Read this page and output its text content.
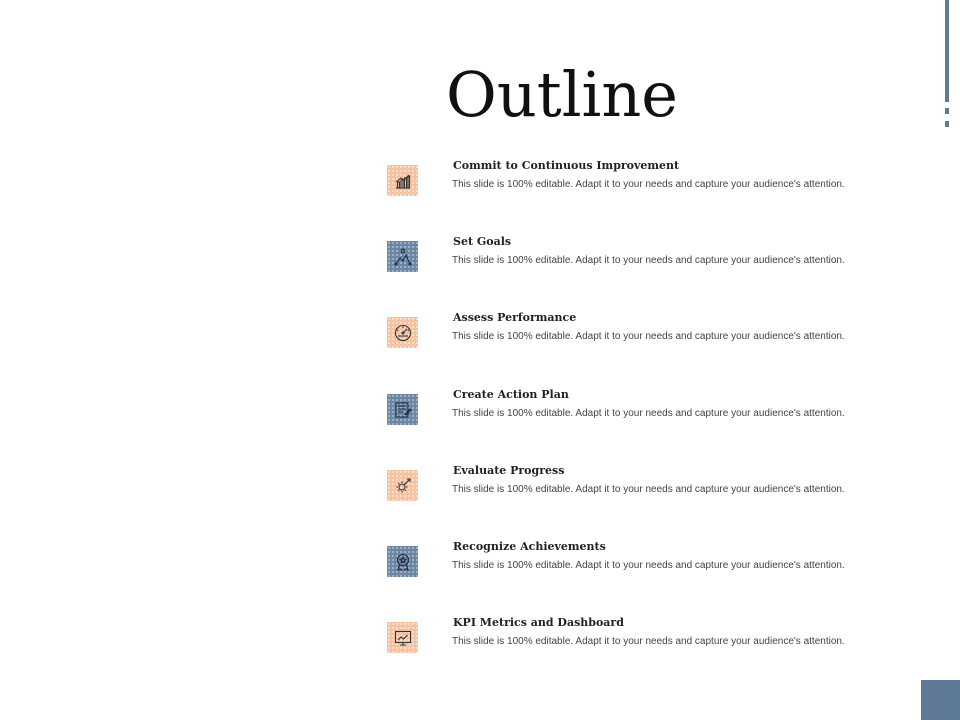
Outline
Commit to Continuous Improvement
This slide is 100% editable. Adapt it to your needs and capture your audience's attention.
Set Goals
This slide is 100% editable. Adapt it to your needs and capture your audience's attention.
Assess Performance
This slide is 100% editable. Adapt it to your needs and capture your audience's attention.
Create Action Plan
This slide is 100% editable. Adapt it to your needs and capture your audience's attention.
Evaluate Progress
This slide is 100% editable. Adapt it to your needs and capture your audience's attention.
Recognize Achievements
This slide is 100% editable. Adapt it to your needs and capture your audience's attention.
KPI Metrics and Dashboard
This slide is 100% editable. Adapt it to your needs and capture your audience's attention.
